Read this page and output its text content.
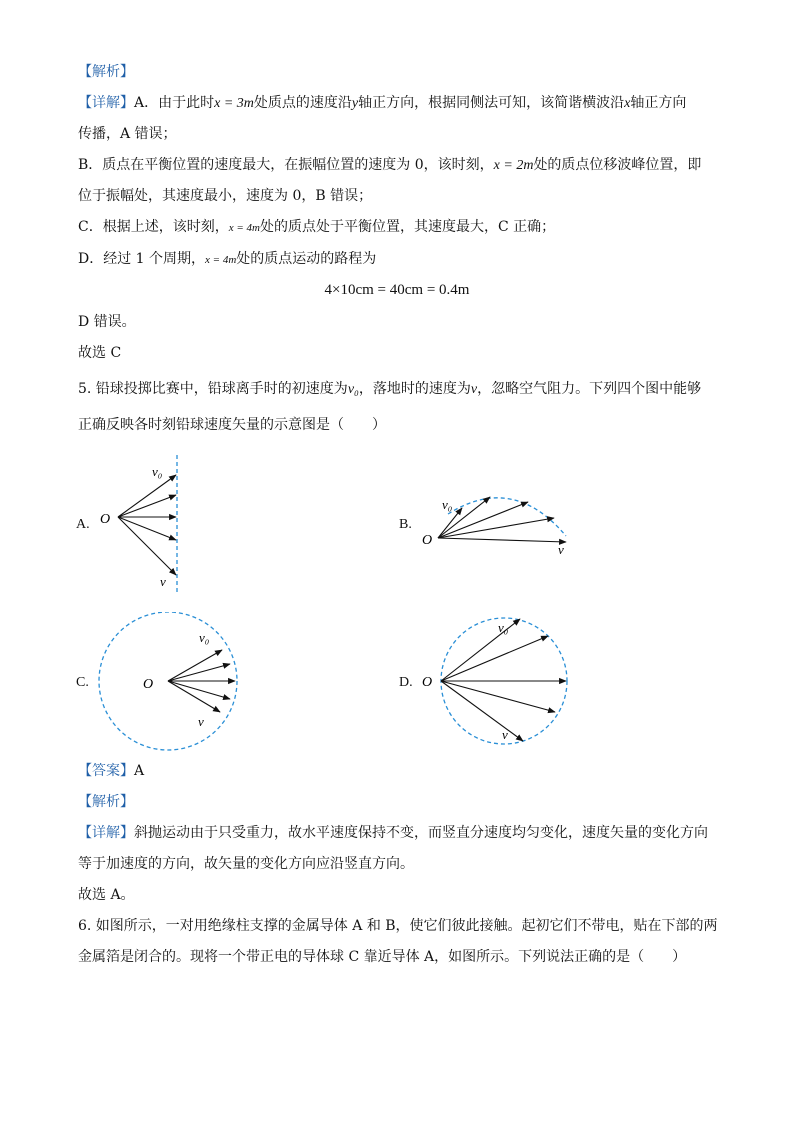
【解析】
【详解】A．由于此时x = 3m处质点的速度沿y轴正方向，根据同侧法可知，该简谐横波沿x轴正方向
传播，A 错误；
B．质点在平衡位置的速度最大，在振幅位置的速度为 0，该时刻，x = 2m处的质点位移波峰位置，即
位于振幅处，其速度最小，速度为 0，B 错误；
C．根据上述，该时刻，x = 4m处的质点处于平衡位置，其速度最大，C 正确；
D．经过 1 个周期，x = 4m处的质点运动的路程为
4×10cm = 40cm = 0.4m
D 错误。
故选 C
5. 铅球投掷比赛中，铅球离手时的初速度为v₀，落地时的速度为v，忽略空气阻力。下列四个图中能够
正确反映各时刻铅球速度矢量的示意图是（　　）
A. O
v₀
v
B.
O
v₀
v
C.	O
v₀
v
D. O
v₀
v
【答案】A
【解析】
【详解】斜抛运动由于只受重力，故水平速度保持不变，而竖直分速度均匀变化，速度矢量的变化方向
等于加速度的方向，故矢量的变化方向应沿竖直方向。
故选 A。
6. 如图所示，一对用绝缘柱支撑的金属导体 A 和 B，使它们彼此接触。起初它们不带电，贴在下部的两
金属箔是闭合的。现将一个带正电的导体球 C 靠近导体 A，如图所示。下列说法正确的是（　　）
